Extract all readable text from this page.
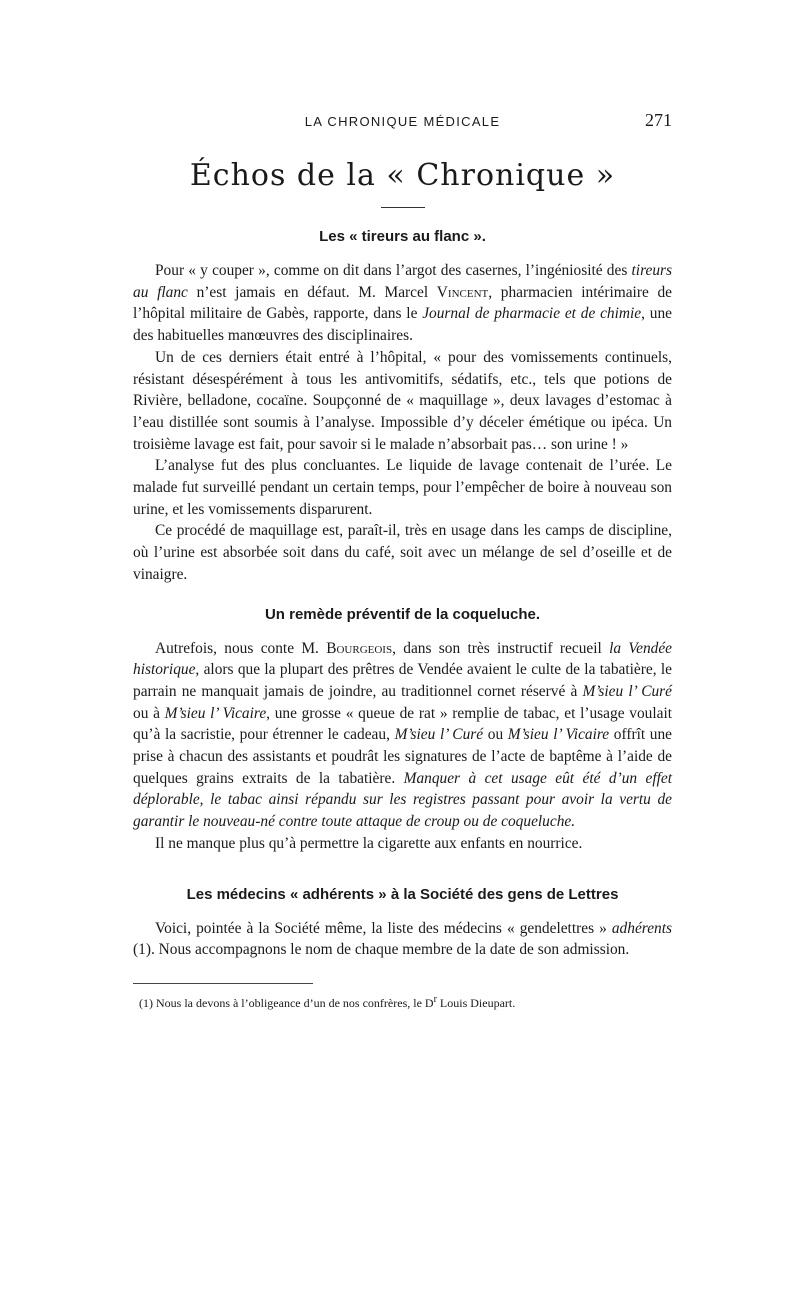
LA CHRONIQUE MÉDICALE	271
Échos de la « Chronique »
Les « tireurs au flanc ».

Pour « y couper », comme on dit dans l’argot des casernes, l’ingéniosité des tireurs au flanc n’est jamais en défaut. M. Marcel Vincent, pharmacien intérimaire de l’hôpital militaire de Gabès, rapporte, dans le Journal de pharmacie et de chimie, une des habituelles manœuvres des disciplinaires.

Un de ces derniers était entré à l’hôpital, « pour des vomissements continuels, résistant désespérément à tous les antivomitifs, sédatifs, etc., tels que potions de Rivière, belladone, cocaïne. Soupçonné de « maquillage », deux lavages d’estomac à l’eau distillée sont soumis à l’analyse. Impossible d’y déceler émétique ou ipéca. Un troisième lavage est fait, pour savoir si le malade n’absorbait pas… son urine ! »

L’analyse fut des plus concluantes. Le liquide de lavage contenait de l’urée. Le malade fut surveillé pendant un certain temps, pour l’empêcher de boire à nouveau son urine, et les vomissements disparurent.

Ce procédé de maquillage est, paraît-il, très en usage dans les camps de discipline, où l’urine est absorbée soit dans du café, soit avec un mélange de sel d’oseille et de vinaigre.

Un remède préventif de la coqueluche.

Autrefois, nous conte M. Bourgeois, dans son très instructif recueil la Vendée historique, alors que la plupart des prêtres de Vendée avaient le culte de la tabatière, le parrain ne manquait jamais de joindre, au traditionnel cornet réservé à M’sieu l’ Curé ou à M’sieu l’ Vicaire, une grosse « queue de rat » remplie de tabac, et l’usage voulait qu’à la sacristie, pour étrenner le cadeau, M’sieu l’ Curé ou M’sieu l’ Vicaire offrît une prise à chacun des assistants et poudrât les signatures de l’acte de baptême à l’aide de quelques grains extraits de la tabatière. Manquer à cet usage eût été d’un effet déplorable, le tabac ainsi répandu sur les registres passant pour avoir la vertu de garantir le nouveau-né contre toute attaque de croup ou de coqueluche.

Il ne manque plus qu’à permettre la cigarette aux enfants en nourrice.

Les médecins « adhérents » à la Société des gens de Lettres

Voici, pointée à la Société même, la liste des médecins « gendelettres » adhérents (1). Nous accompagnons le nom de chaque membre de la date de son admission.

(1) Nous la devons à l’obligeance d’un de nos confrères, le $D^r$ Louis Dieupart.
